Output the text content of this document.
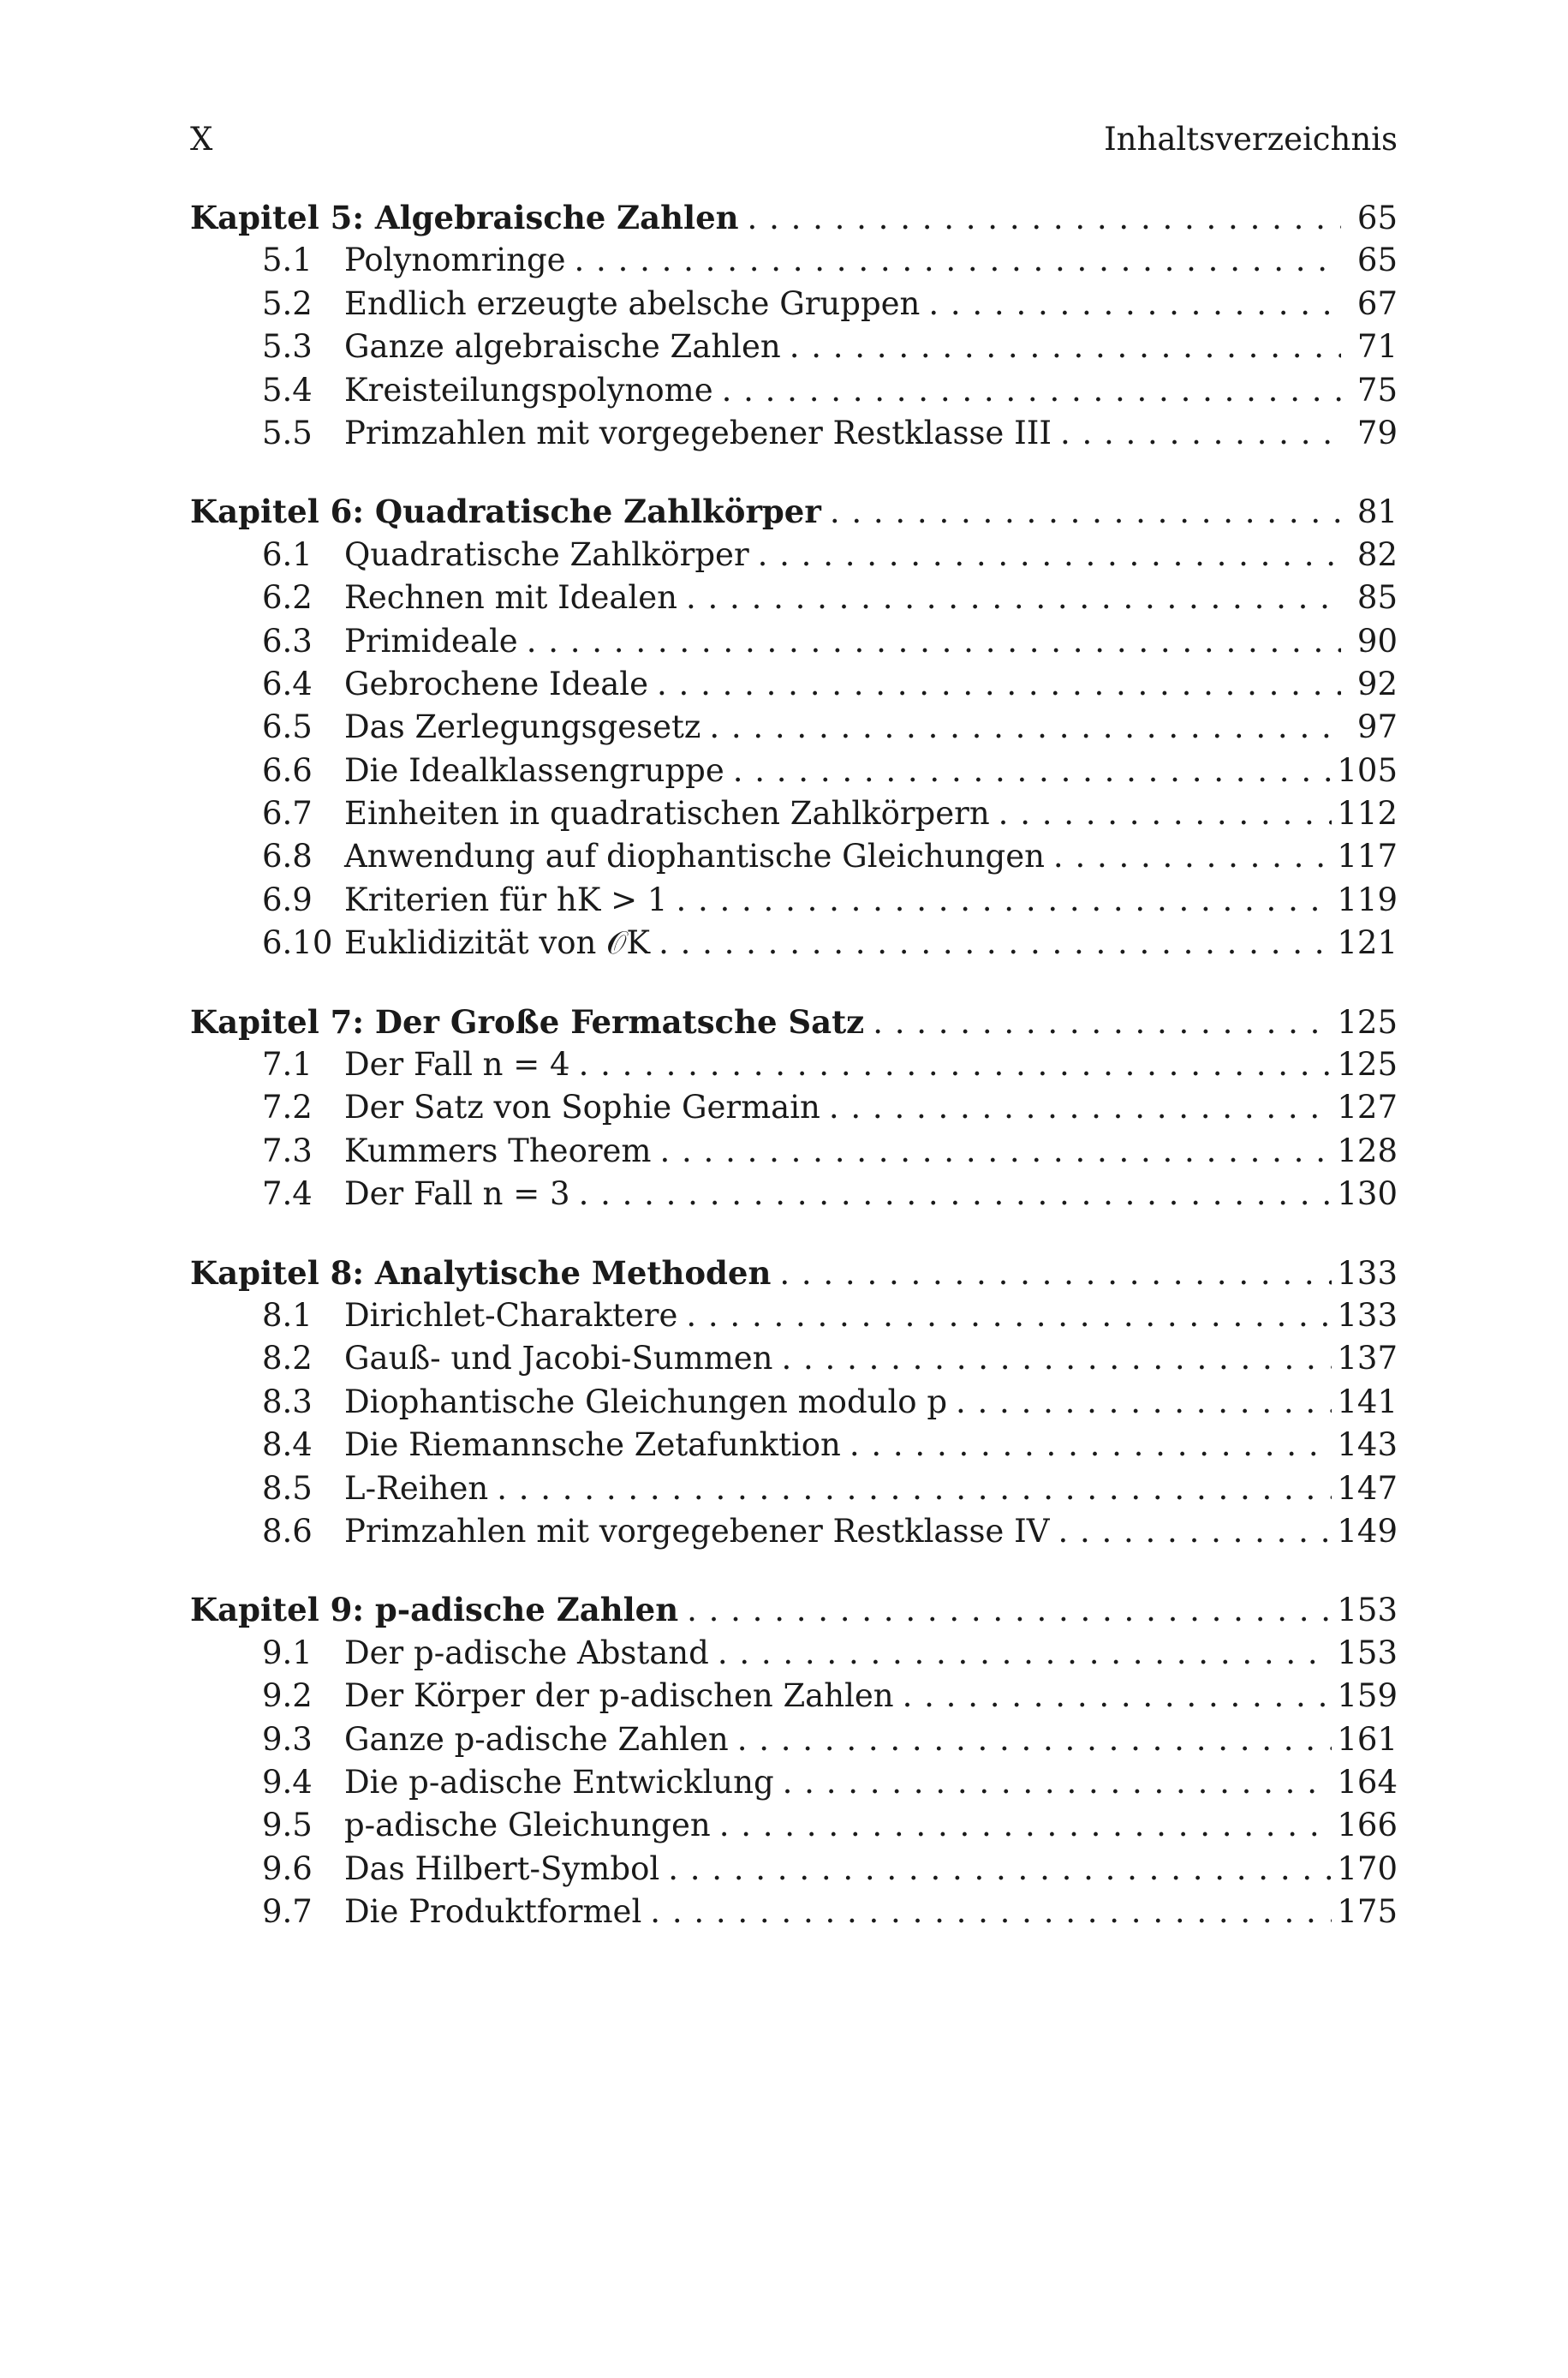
X	Inhaltsverzeichnis
Kapitel 5: Algebraische Zahlen . . .	65
5.1	Polynomringe . . .	65
5.2	Endlich erzeugte abelsche Gruppen . . .	67
5.3	Ganze algebraische Zahlen . . .	71
5.4	Kreisteilungspolynome . . .	75
5.5	Primzahlen mit vorgegebener Restklasse III . . .	79
Kapitel 6: Quadratische Zahlkörper . . .	81
6.1	Quadratische Zahlkörper . . .	82
6.2	Rechnen mit Idealen . . .	85
6.3	Primideale . . .	90
6.4	Gebrochene Ideale . . .	92
6.5	Das Zerlegungsgesetz . . .	97
6.6	Die Idealklassengruppe . . .	105
6.7	Einheiten in quadratischen Zahlkörpern . . .	112
6.8	Anwendung auf diophantische Gleichungen . . .	117
6.9	Kriterien für hK > 1 . . .	119
6.10 Euklidizität von 𝒪K . . .	121
Kapitel 7: Der Große Fermatsche Satz . . .	125
7.1	Der Fall n = 4 . . .	125
7.2	Der Satz von Sophie Germain . . .	127
7.3	Kummers Theorem . . .	128
7.4	Der Fall n = 3 . . .	130
Kapitel 8: Analytische Methoden . . .	133
8.1	Dirichlet-Charaktere . . .	133
8.2	Gauß- und Jacobi-Summen . . .	137
8.3	Diophantische Gleichungen modulo p . . .	141
8.4	Die Riemannsche Zetafunktion . . .	143
8.5	L-Reihen . . .	147
8.6	Primzahlen mit vorgegebener Restklasse IV . . .	149
Kapitel 9: p-adische Zahlen . . .	153
9.1	Der p-adische Abstand . . .	153
9.2	Der Körper der p-adischen Zahlen . . .	159
9.3	Ganze p-adische Zahlen . . .	161
9.4	Die p-adische Entwicklung . . .	164
9.5	p-adische Gleichungen . . .	166
9.6	Das Hilbert-Symbol . . .	170
9.7	Die Produktformel . . .	175
